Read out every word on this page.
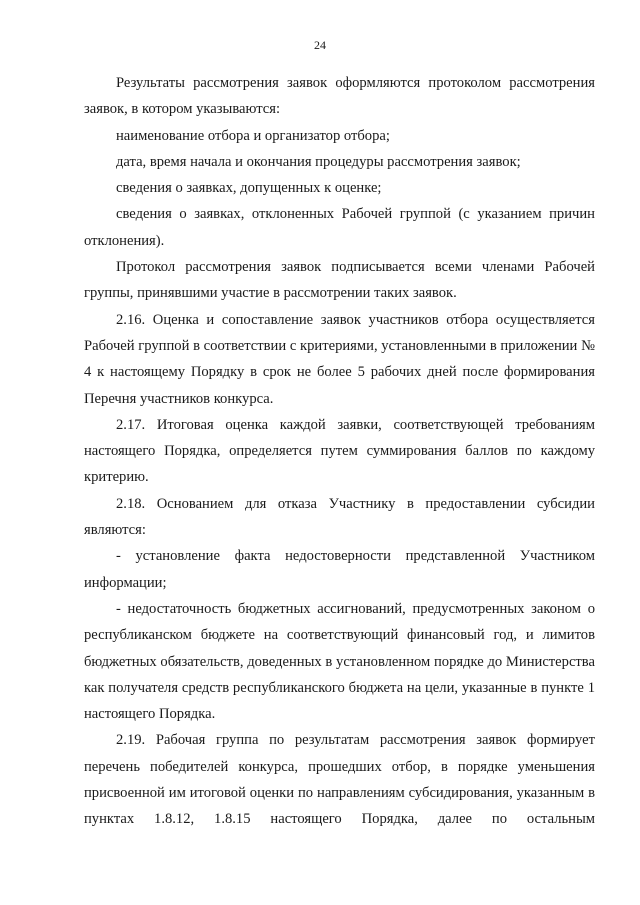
24

Результаты рассмотрения заявок оформляются протоколом рассмотрения заявок, в котором указываются:

наименование отбора и организатор отбора;

дата, время начала и окончания процедуры рассмотрения заявок;

сведения о заявках, допущенных к оценке;

сведения о заявках, отклоненных Рабочей группой (с указанием причин отклонения).

Протокол рассмотрения заявок подписывается всеми членами Рабочей группы, принявшими участие в рассмотрении таких заявок.

2.16. Оценка и сопоставление заявок участников отбора осуществляется Рабочей группой в соответствии с критериями, установленными в приложении № 4 к настоящему Порядку в срок не более 5 рабочих дней после формирования Перечня участников конкурса.

2.17. Итоговая оценка каждой заявки, соответствующей требованиям настоящего Порядка, определяется путем суммирования баллов по каждому критерию.

2.18. Основанием для отказа Участнику в предоставлении субсидии являются:

- установление факта недостоверности представленной Участником информации;

- недостаточность бюджетных ассигнований, предусмотренных законом о республиканском бюджете на соответствующий финансовый год, и лимитов бюджетных обязательств, доведенных в установленном порядке до Министерства как получателя средств республиканского бюджета на цели, указанные в пункте 1 настоящего Порядка.

2.19. Рабочая группа по результатам рассмотрения заявок формирует перечень победителей конкурса, прошедших отбор, в порядке уменьшения присвоенной им итоговой оценки по направлениям субсидирования, указанным в пунктах 1.8.12, 1.8.15 настоящего Порядка, далее по остальным
